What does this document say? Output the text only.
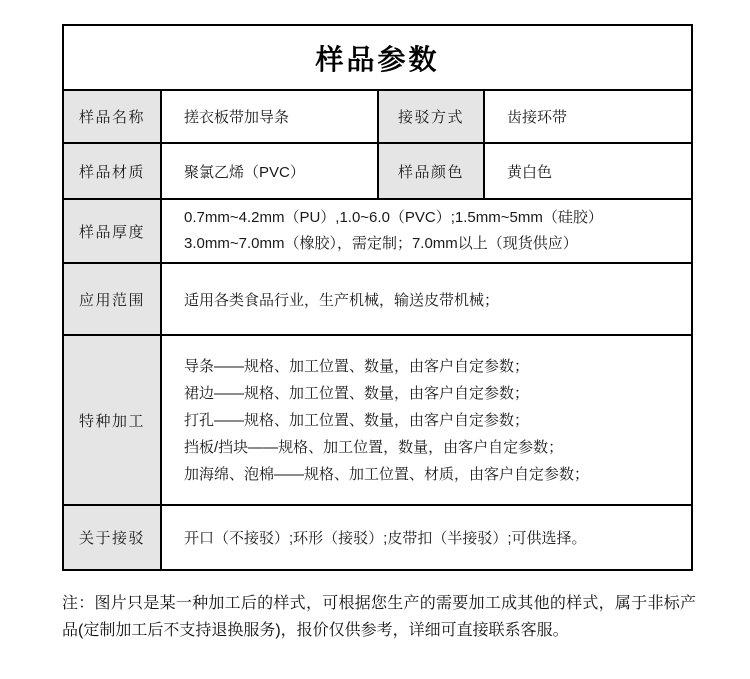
样品参数			
样品名称	搓衣板带加导条	接驳方式	齿接环带
样品材质	聚氯乙烯（PVC）	样品颜色	黄白色
样品厚度	0.7mm~4.2mm（PU）,1.0~6.0（PVC）;1.5mm~5mm（硅胶）
3.0mm~7.0mm（橡胶），需定制；7.0mm以上（现货供应）		

应用范围	适用各类食品行业，生产机械，输送皮带机械；		
特种加工	导条——规格、加工位置、数量，由客户自定参数；
裙边——规格、加工位置、数量，由客户自定参数；
打孔——规格、加工位置、数量，由客户自定参数；
挡板/挡块——规格、加工位置，数量，由客户自定参数；
加海绵、泡棉——规格、加工位置、材质，由客户自定参数；		

关于接驳	开口（不接驳）;环形（接驳）;皮带扣（半接驳）;可供选择。		
注：图片只是某一种加工后的样式，可根据您生产的需要加工成其他的样式，属于非标产品(定制加工后不支持退换服务)，报价仅供参考，详细可直接联系客服。
